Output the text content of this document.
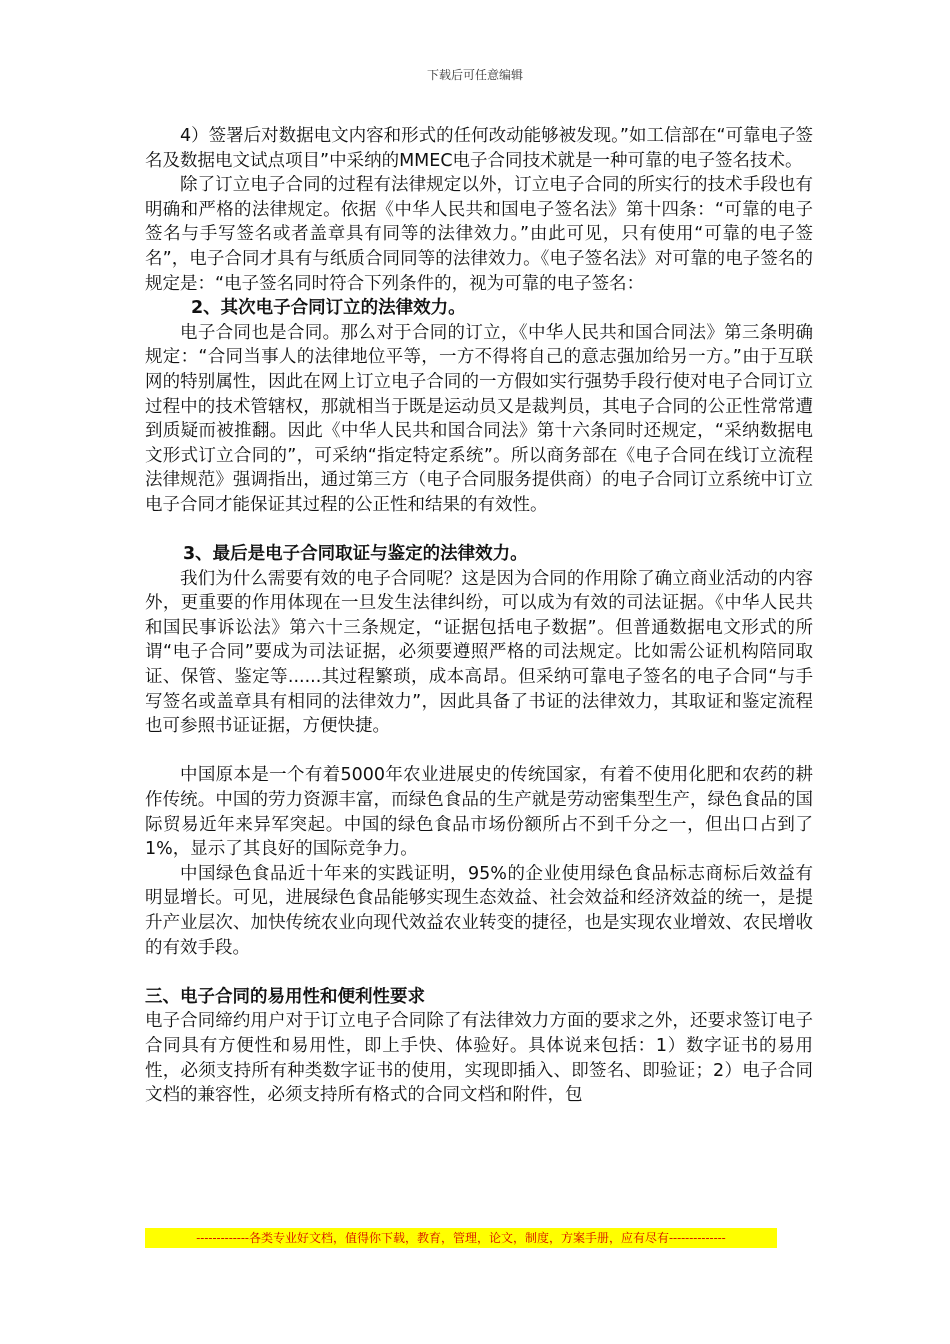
下载后可任意编辑

4）签署后对数据电文内容和形式的任何改动能够被发现。”如工信部在“可靠电子签名及数据电文试点项目”中采纳的MMEC电子合同技术就是一种可靠的电子签名技术。

除了订立电子合同的过程有法律规定以外，订立电子合同的所实行的技术手段也有明确和严格的法律规定。依据《中华人民共和国电子签名法》第十四条：“可靠的电子签名与手写签名或者盖章具有同等的法律效力。”由此可见，只有使用“可靠的电子签名”，电子合同才具有与纸质合同同等的法律效力。《电子签名法》对可靠的电子签名的规定是：“电子签名同时符合下列条件的，视为可靠的电子签名：

2、其次电子合同订立的法律效力。

电子合同也是合同。那么对于合同的订立，《中华人民共和国合同法》第三条明确规定：“合同当事人的法律地位平等，一方不得将自己的意志强加给另一方。”由于互联网的特别属性，因此在网上订立电子合同的一方假如实行强势手段行使对电子合同订立过程中的技术管辖权，那就相当于既是运动员又是裁判员，其电子合同的公正性常常遭到质疑而被推翻。因此《中华人民共和国合同法》第十六条同时还规定，“采纳数据电文形式订立合同的”，可采纳“指定特定系统”。所以商务部在《电子合同在线订立流程法律规范》强调指出，通过第三方（电子合同服务提供商）的电子合同订立系统中订立电子合同才能保证其过程的公正性和结果的有效性。

3、最后是电子合同取证与鉴定的法律效力。

我们为什么需要有效的电子合同呢？这是因为合同的作用除了确立商业活动的内容外，更重要的作用体现在一旦发生法律纠纷，可以成为有效的司法证据。《中华人民共和国民事诉讼法》第六十三条规定，“证据包括电子数据”。但普通数据电文形式的所谓“电子合同”要成为司法证据，必须要遵照严格的司法规定。比如需公证机构陪同取证、保管、鉴定等......其过程繁琐，成本高昂。但采纳可靠电子签名的电子合同“与手写签名或盖章具有相同的法律效力”，因此具备了书证的法律效力，其取证和鉴定流程也可参照书证证据，方便快捷。

中国原本是一个有着5000年农业进展史的传统国家，有着不使用化肥和农药的耕作传统。中国的劳力资源丰富，而绿色食品的生产就是劳动密集型生产，绿色食品的国际贸易近年来异军突起。中国的绿色食品市场份额所占不到千分之一，但出口占到了1%，显示了其良好的国际竞争力。

中国绿色食品近十年来的实践证明，95%的企业使用绿色食品标志商标后效益有明显增长。可见，进展绿色食品能够实现生态效益、社会效益和经济效益的统一，是提升产业层次、加快传统农业向现代效益农业转变的捷径，也是实现农业增效、农民增收的有效手段。

三、电子合同的易用性和便利性要求

电子合同缔约用户对于订立电子合同除了有法律效力方面的要求之外，还要求签订电子合同具有方便性和易用性，即上手快、体验好。具体说来包括：1）数字证书的易用性，必须支持所有种类数字证书的使用，实现即插入、即签名、即验证；2）电子合同文档的兼容性，必须支持所有格式的合同文档和附件，包

-------------各类专业好文档，值得你下载，教育，管理，论文，制度，方案手册，应有尽有--------------
